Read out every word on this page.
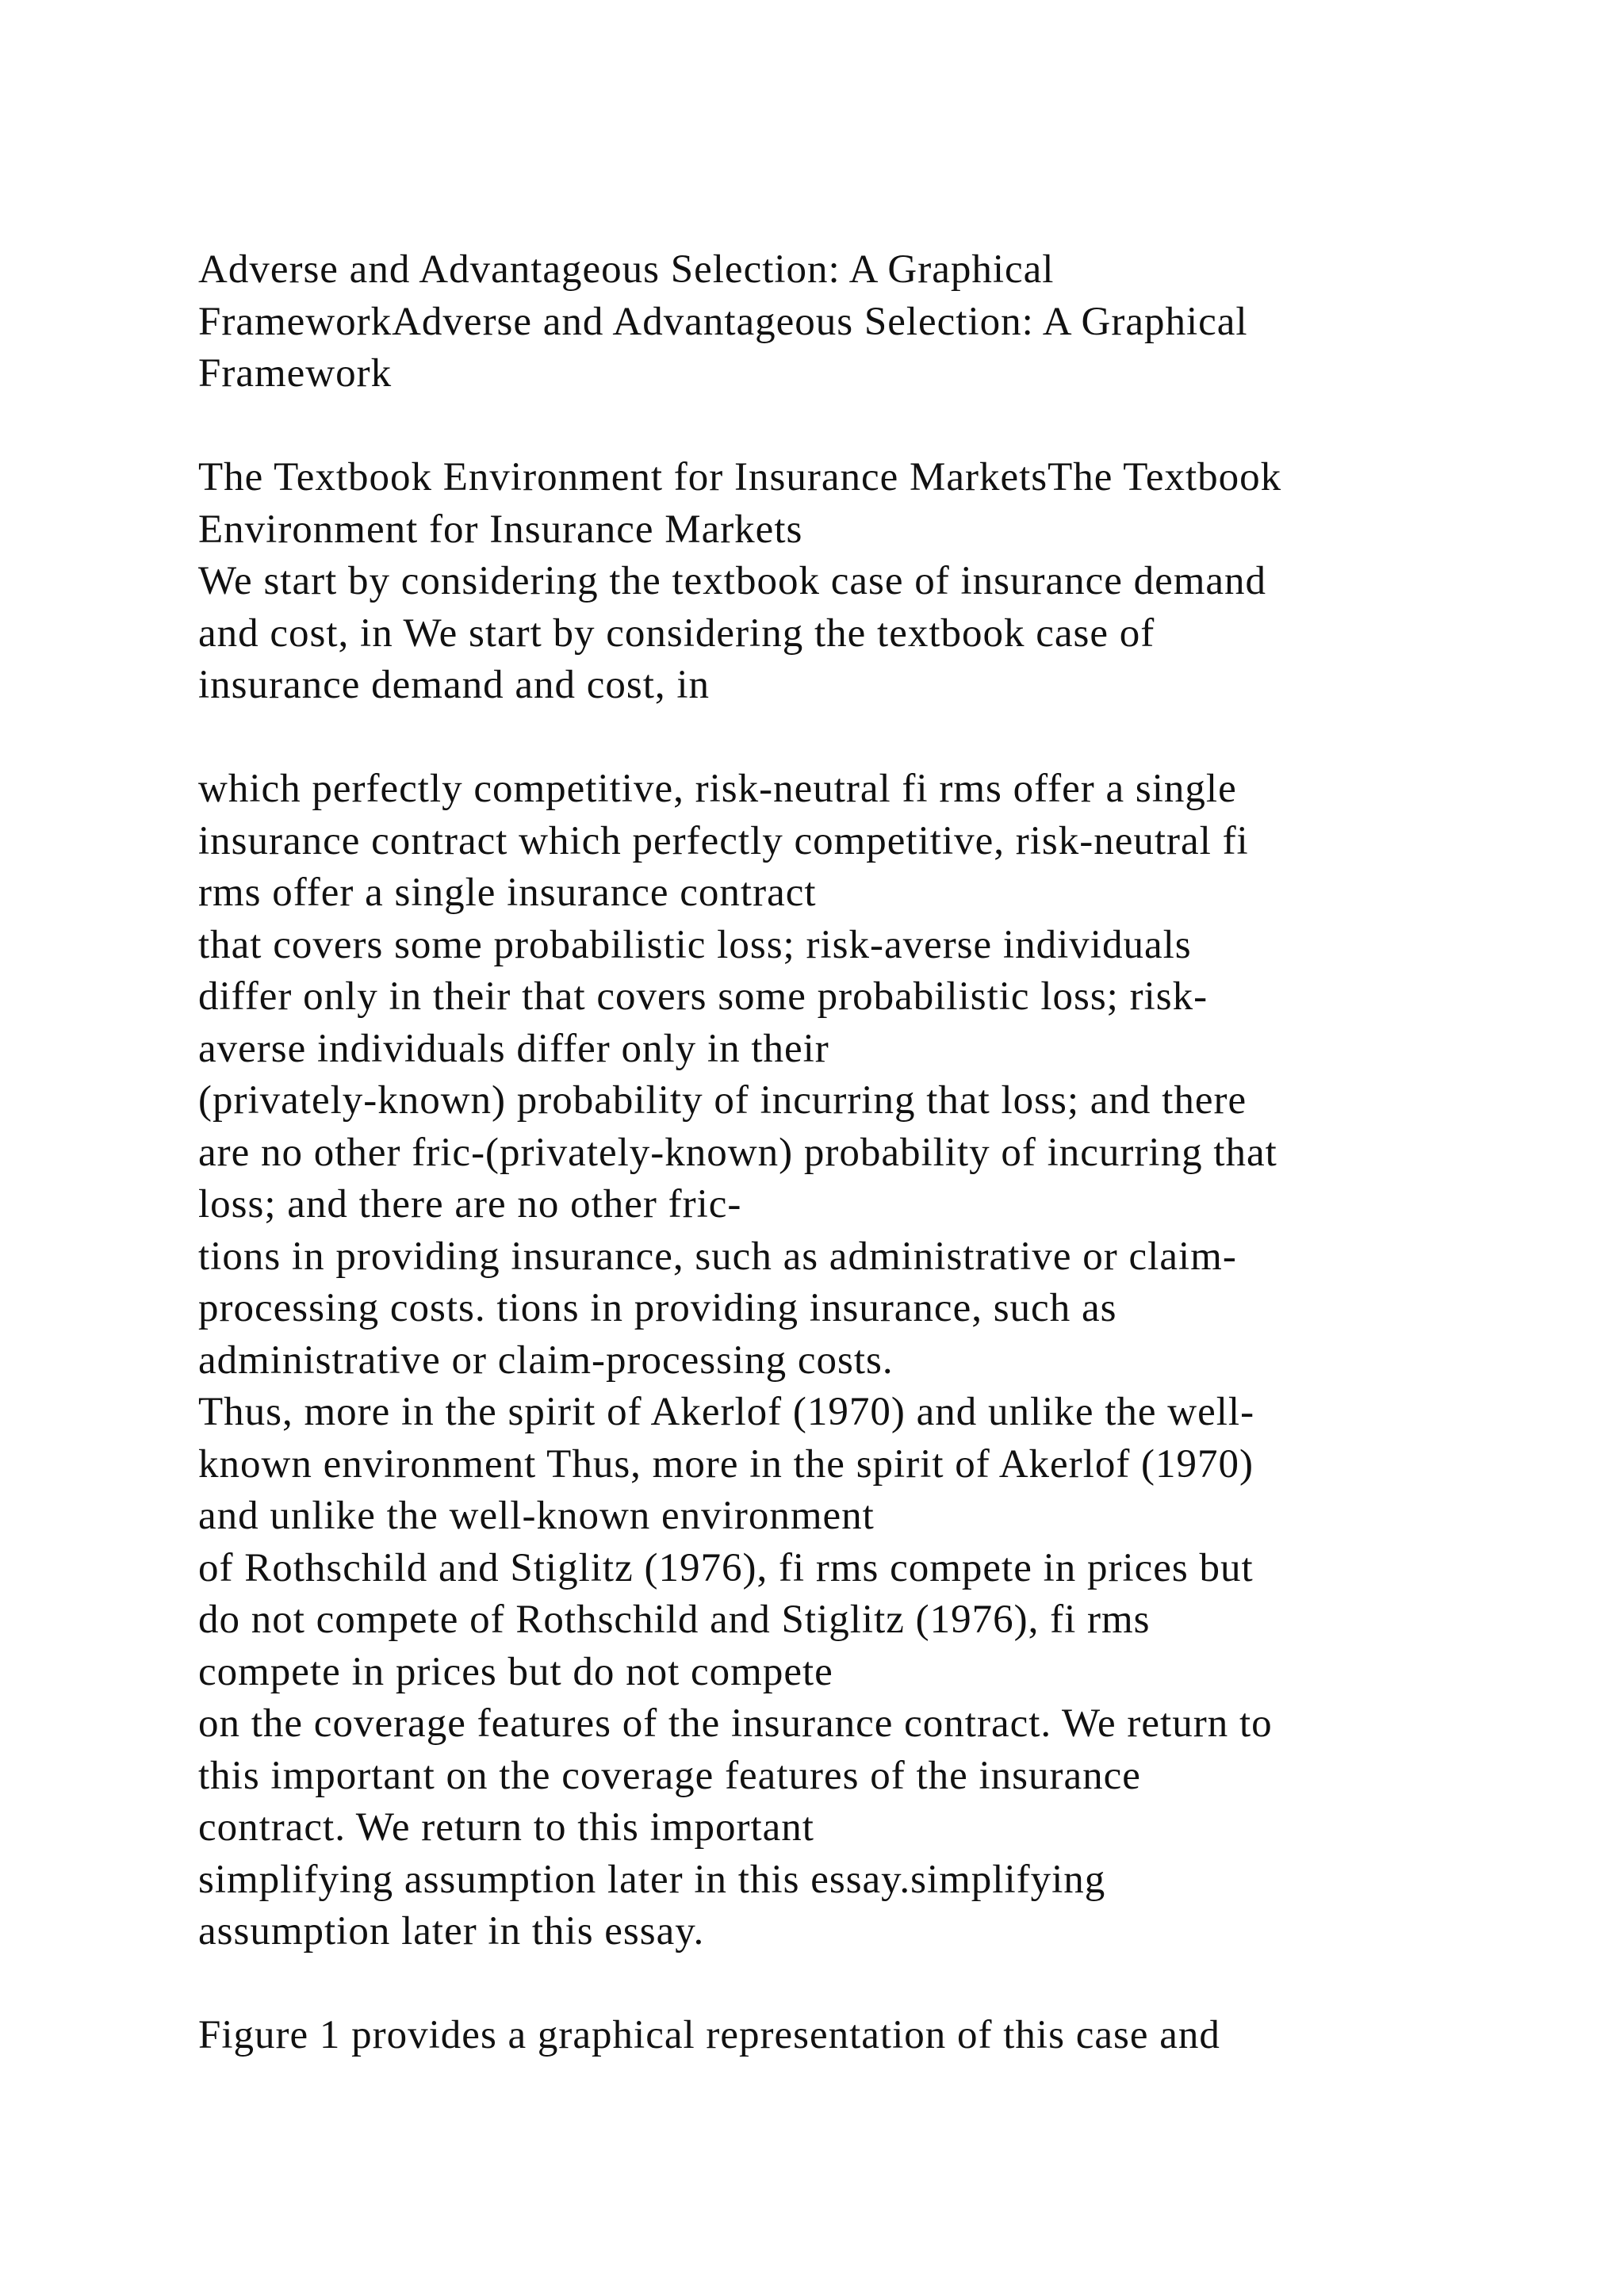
Adverse and Advantageous Selection: A Graphical
FrameworkAdverse and Advantageous Selection: A Graphical
Framework
The Textbook Environment for Insurance MarketsThe Textbook
Environment for Insurance Markets
We start by considering the textbook case of insurance demand
and cost, in We start by considering the textbook case of
insurance demand and cost, in
which perfectly competitive, risk-neutral fi rms offer a single
insurance contract which perfectly competitive, risk-neutral fi
rms offer a single insurance contract
that covers some probabilistic loss; risk-averse individuals
differ only in their that covers some probabilistic loss; risk-
averse individuals differ only in their
(privately-known) probability of incurring that loss; and there
are no other fric-(privately-known) probability of incurring that
loss; and there are no other fric-
tions in providing insurance, such as administrative or claim-
processing costs. tions in providing insurance, such as
administrative or claim-processing costs.
Thus, more in the spirit of Akerlof (1970) and unlike the well-
known environment Thus, more in the spirit of Akerlof (1970)
and unlike the well-known environment
of Rothschild and Stiglitz (1976), fi rms compete in prices but
do not compete of Rothschild and Stiglitz (1976), fi rms
compete in prices but do not compete
on the coverage features of the insurance contract. We return to
this important on the coverage features of the insurance
contract. We return to this important
simplifying assumption later in this essay.simplifying
assumption later in this essay.
Figure 1 provides a graphical representation of this case and
